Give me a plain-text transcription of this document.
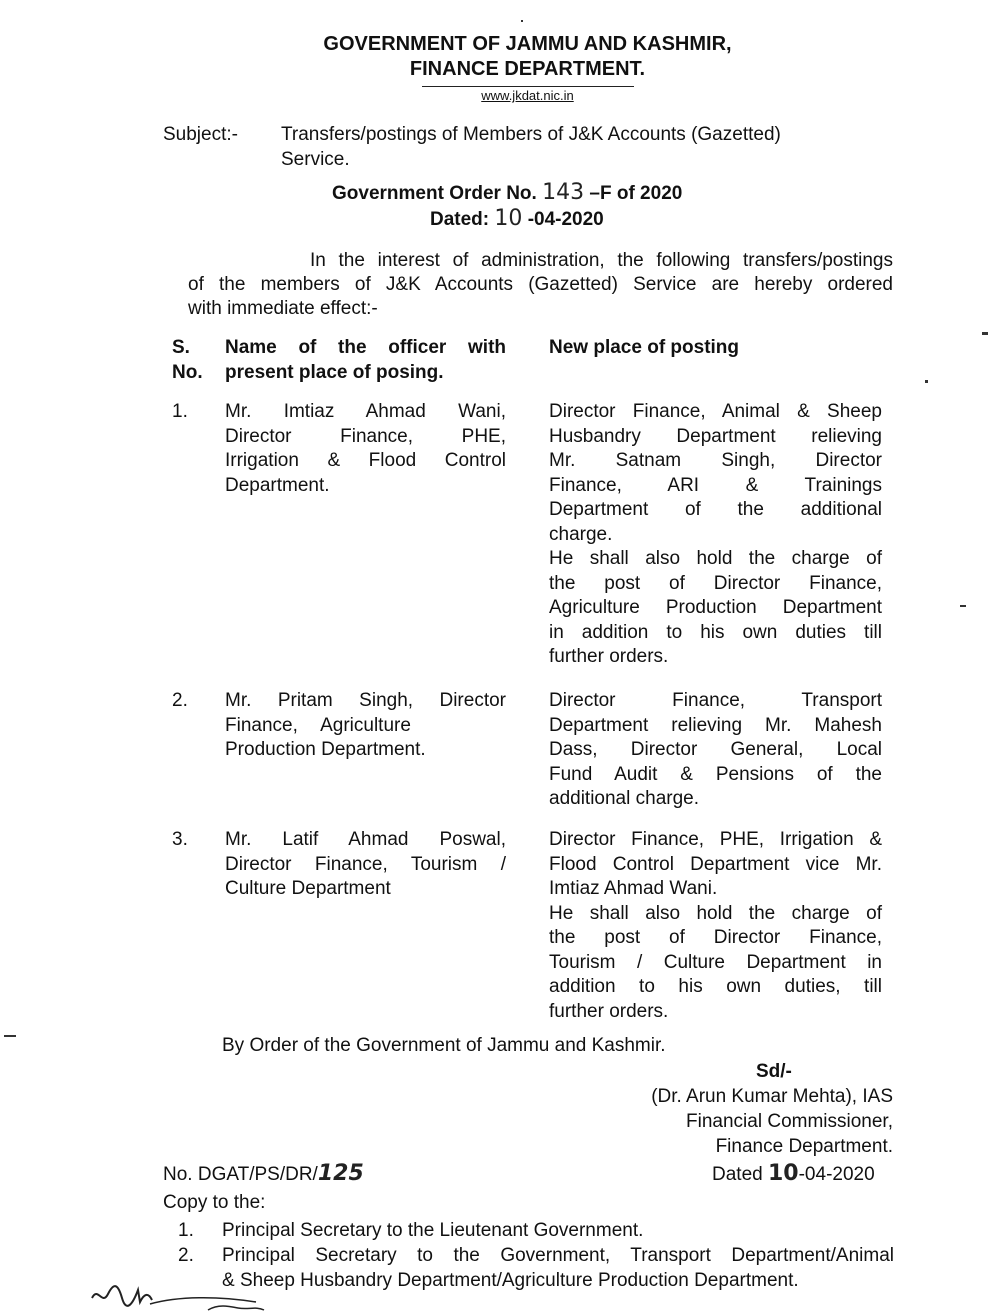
GOVERNMENT OF JAMMU AND KASHMIR,
FINANCE DEPARTMENT.
www.jkdat.nic.in
Subject:- Transfers/postings of Members of J&K Accounts (Gazetted)
Service.
Government Order No. 143 –F of 2020
Dated: 10 -04-2020
In the interest of administration, the following transfers/postings
of the members of J&K Accounts (Gazetted) Service are hereby ordered
with immediate effect:-
S.
No.
Name of the officer with
present place of posing.
New place of posting
1. Mr. Imtiaz Ahmad Wani,
Director Finance, PHE,
Irrigation & Flood Control
Department.
Director Finance, Animal & Sheep
Husbandry Department relieving
Mr. Satnam Singh, Director
Finance, ARI & Trainings
Department of the additional
charge.
He shall also hold the charge of
the post of Director Finance,
Agriculture Production Department
in addition to his own duties till
further orders.
2. Mr. Pritam Singh, Director
Finance, Agriculture
Production Department.
Director Finance, Transport
Department relieving Mr. Mahesh
Dass, Director General, Local
Fund Audit & Pensions of the
additional charge.
3. Mr. Latif Ahmad Poswal,
Director Finance, Tourism /
Culture Department
Director Finance, PHE, Irrigation &
Flood Control Department vice Mr.
Imtiaz Ahmad Wani.
He shall also hold the charge of
the post of Director Finance,
Tourism / Culture Department in
addition to his own duties, till
further orders.
By Order of the Government of Jammu and Kashmir.
Sd/-
(Dr. Arun Kumar Mehta), IAS
Financial Commissioner,
Finance Department.
No. DGAT/PS/DR/125	Dated 10-04-2020
Copy to the:
1. Principal Secretary to the Lieutenant Government.
2. Principal Secretary to the Government, Transport Department/Animal
& Sheep Husbandry Department/Agriculture Production Department.
